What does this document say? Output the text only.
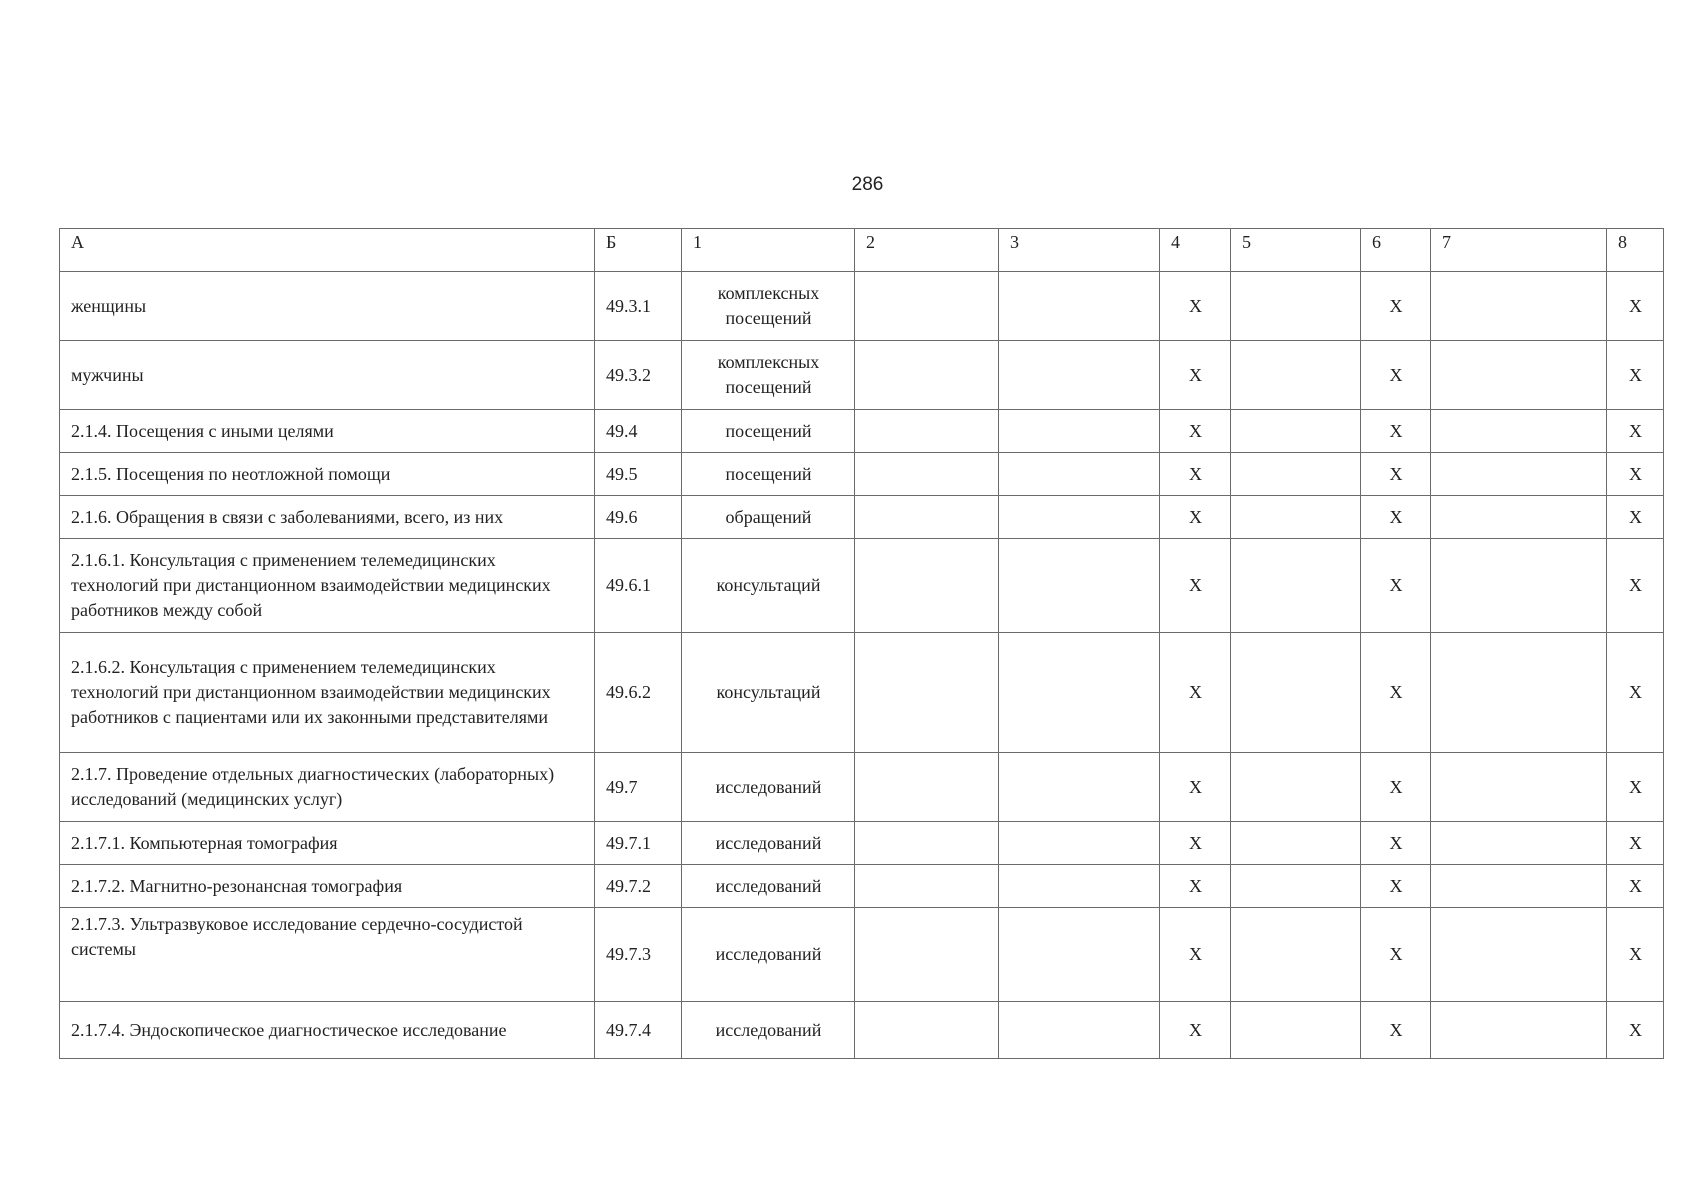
286
А	Б	1	2	3	4	5	6	7	8
женщины	49.3.1	комплексных посещений			X		X		X
мужчины	49.3.2	комплексных посещений			X		X		X
2.1.4. Посещения с иными целями	49.4	посещений			X		X		X
2.1.5. Посещения по неотложной помощи	49.5	посещений			X		X		X
2.1.6. Обращения в связи с заболеваниями, всего, из них	49.6	обращений			X		X		X
2.1.6.1. Консультация с применением телемедицинских технологий при дистанционном взаимодействии медицинских работников между собой	49.6.1	консультаций			X		X		X
2.1.6.2. Консультация с применением телемедицинских технологий при дистанционном взаимодействии медицинских работников с пациентами или их законными представителями	49.6.2	консультаций			X		X		X
2.1.7. Проведение отдельных диагностических (лабораторных) исследований (медицинских услуг)	49.7	исследований			X		X		X
2.1.7.1. Компьютерная томография	49.7.1	исследований			X		X		X
2.1.7.2. Магнитно-резонансная томография	49.7.2	исследований			X		X		X
2.1.7.3. Ультразвуковое исследование сердечно-сосудистой системы	49.7.3	исследований			X		X		X
2.1.7.4. Эндоскопическое диагностическое исследование	49.7.4	исследований			X		X		X
